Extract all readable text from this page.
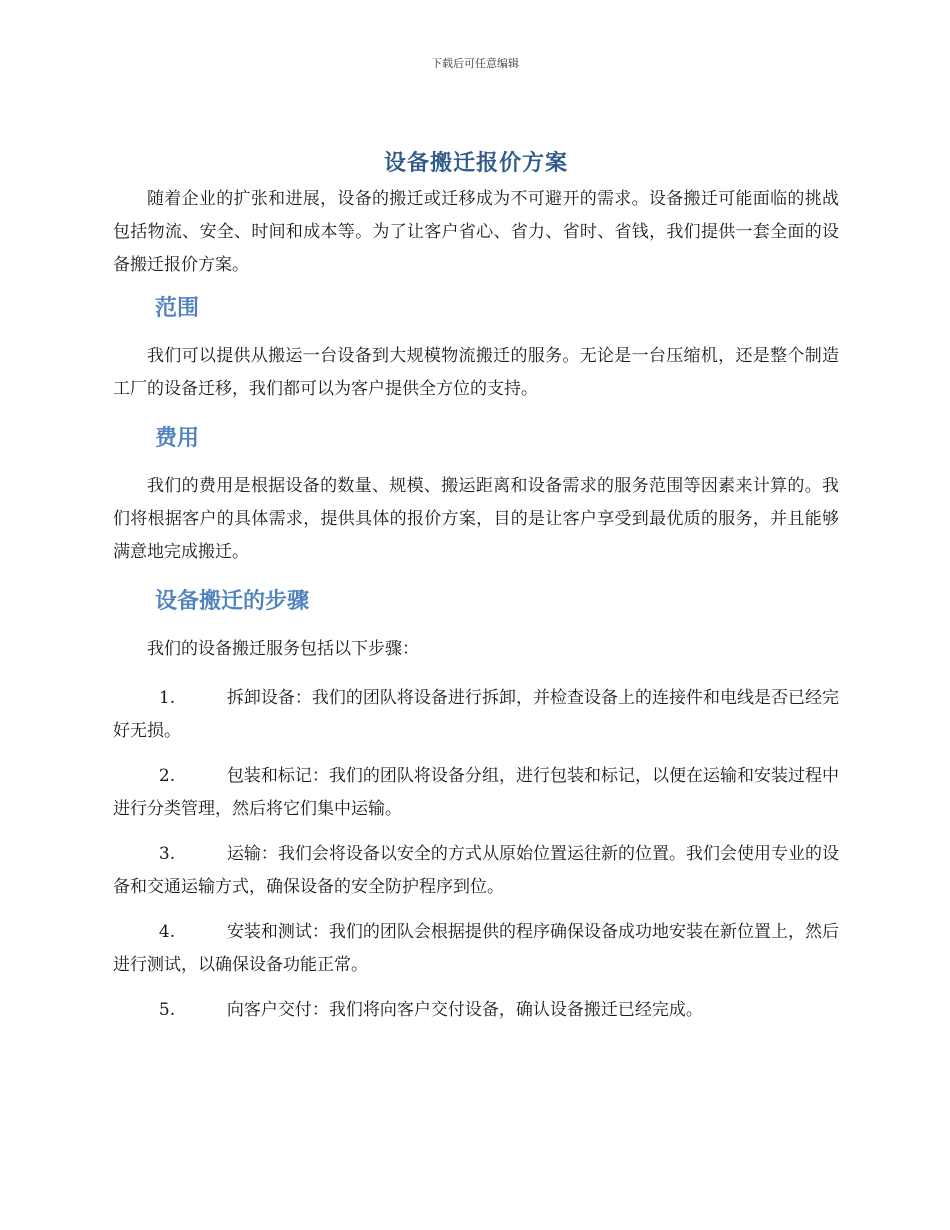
下载后可任意编辑
设备搬迁报价方案

随着企业的扩张和进展，设备的搬迁或迁移成为不可避开的需求。设备搬迁可能面临的挑战包括物流、安全、时间和成本等。为了让客户省心、省力、省时、省钱，我们提供一套全面的设备搬迁报价方案。

范围

我们可以提供从搬运一台设备到大规模物流搬迁的服务。无论是一台压缩机，还是整个制造工厂的设备迁移，我们都可以为客户提供全方位的支持。

费用

我们的费用是根据设备的数量、规模、搬运距离和设备需求的服务范围等因素来计算的。我们将根据客户的具体需求，提供具体的报价方案，目的是让客户享受到最优质的服务，并且能够满意地完成搬迁。

设备搬迁的步骤

我们的设备搬迁服务包括以下步骤：

1.	拆卸设备：我们的团队将设备进行拆卸，并检查设备上的连接件和电线是否已经完好无损。
2.	包装和标记：我们的团队将设备分组，进行包装和标记，以便在运输和安装过程中进行分类管理，然后将它们集中运输。
3.	运输：我们会将设备以安全的方式从原始位置运往新的位置。我们会使用专业的设备和交通运输方式，确保设备的安全防护程序到位。
4.	安装和测试：我们的团队会根据提供的程序确保设备成功地安装在新位置上，然后进行测试，以确保设备功能正常。
5.	向客户交付：我们将向客户交付设备，确认设备搬迁已经完成。
